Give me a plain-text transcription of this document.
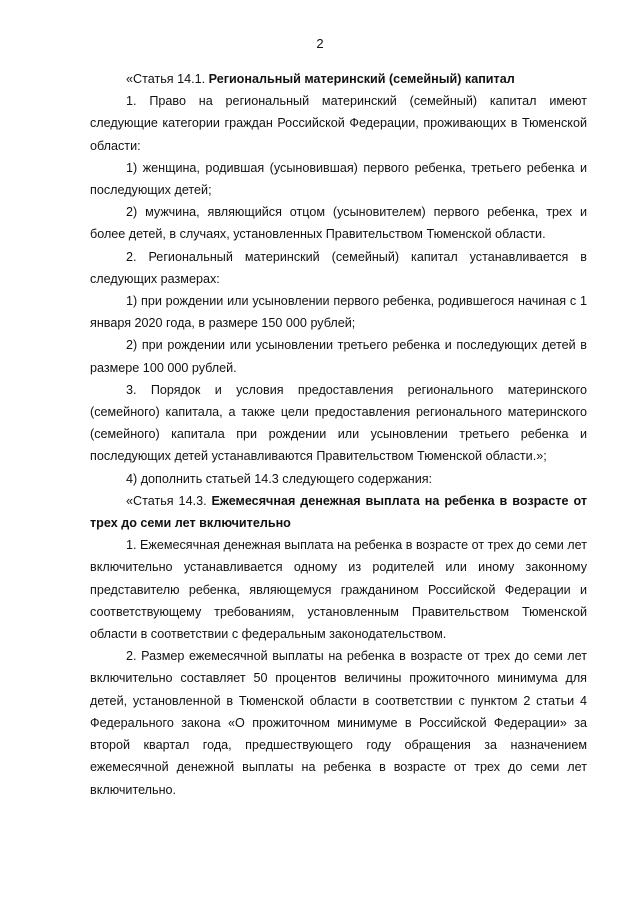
2

«Статья 14.1. Региональный материнский (семейный) капитал

1. Право на региональный материнский (семейный) капитал имеют следующие категории граждан Российской Федерации, проживающих в Тюменской области:

1) женщина, родившая (усыновившая) первого ребенка, третьего ребенка и последующих детей;

2) мужчина, являющийся отцом (усыновителем) первого ребенка, трех и более детей, в случаях, установленных Правительством Тюменской области.

2. Региональный материнский (семейный) капитал устанавливается в следующих размерах:

1) при рождении или усыновлении первого ребенка, родившегося начиная с 1 января 2020 года, в размере 150 000 рублей;

2) при рождении или усыновлении третьего ребенка и последующих детей в размере 100 000 рублей.

3. Порядок и условия предоставления регионального материнского (семейного) капитала, а также цели предоставления регионального материнского (семейного) капитала при рождении или усыновлении третьего ребенка и последующих детей устанавливаются Правительством Тюменской области.»;

4) дополнить статьей 14.3 следующего содержания:

«Статья 14.3. Ежемесячная денежная выплата на ребенка в возрасте от трех до семи лет включительно

1. Ежемесячная денежная выплата на ребенка в возрасте от трех до семи лет включительно устанавливается одному из родителей или иному законному представителю ребенка, являющемуся гражданином Российской Федерации и соответствующему требованиям, установленным Правительством Тюменской области в соответствии с федеральным законодательством.

2. Размер ежемесячной выплаты на ребенка в возрасте от трех до семи лет включительно составляет 50 процентов величины прожиточного минимума для детей, установленной в Тюменской области в соответствии с пунктом 2 статьи 4 Федерального закона «О прожиточном минимуме в Российской Федерации» за второй квартал года, предшествующего году обращения за назначением ежемесячной денежной выплаты на ребенка в возрасте от трех до семи лет включительно.
